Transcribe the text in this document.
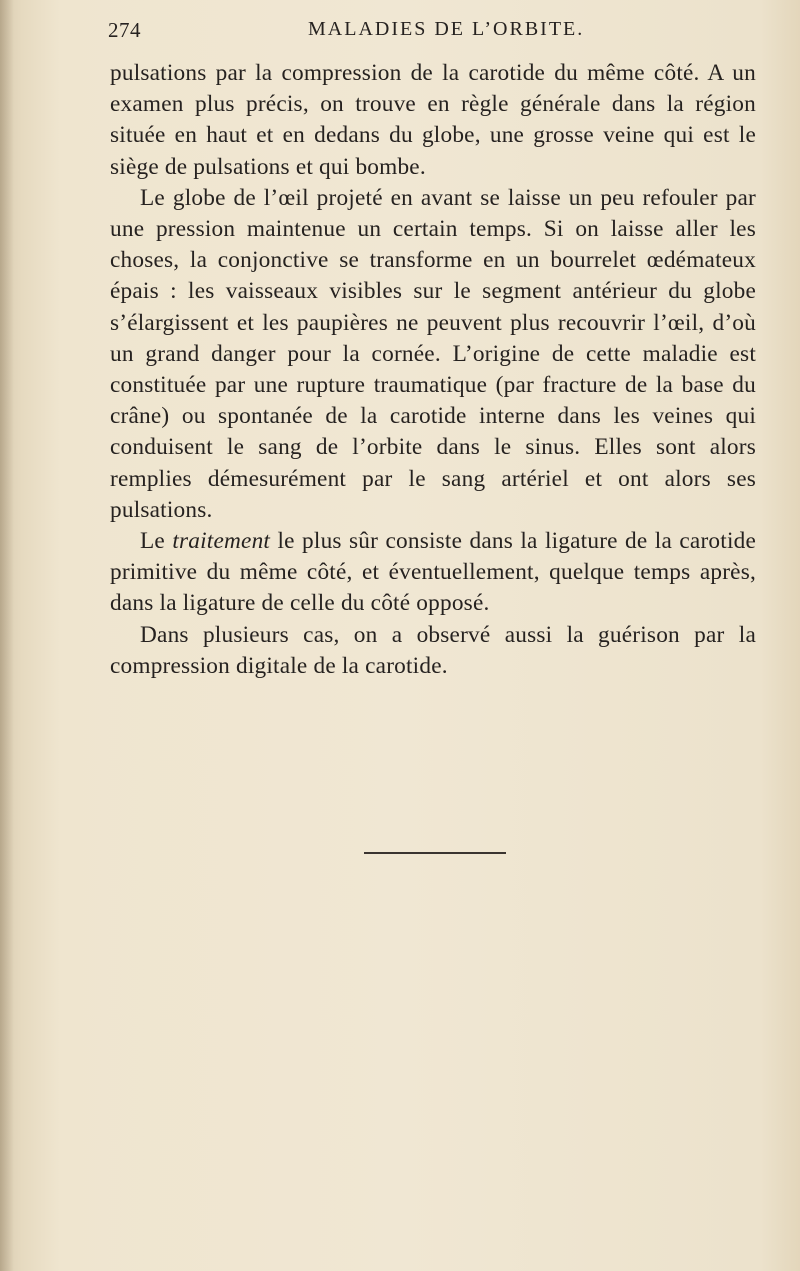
274	MALADIES DE L’ORBITE.

pulsations par la compression de la carotide du même côté. A un examen plus précis, on trouve en règle générale dans la région située en haut et en dedans du globe, une grosse veine qui est le siège de pulsations et qui bombe.

Le globe de l’œil projeté en avant se laisse un peu refouler par une pression maintenue un certain temps. Si on laisse aller les choses, la conjonctive se transforme en un bourrelet œdémateux épais : les vaisseaux visibles sur le segment antérieur du globe s’élargissent et les paupières ne peuvent plus recouvrir l’œil, d’où un grand danger pour la cornée. L’origine de cette maladie est constituée par une rupture traumatique (par fracture de la base du crâne) ou spontanée de la carotide interne dans les veines qui conduisent le sang de l’orbite dans le sinus. Elles sont alors remplies démesurément par le sang artériel et ont alors ses pulsations.

Le traitement le plus sûr consiste dans la ligature de la carotide primitive du même côté, et éventuellement, quelque temps après, dans la ligature de celle du côté opposé.

Dans plusieurs cas, on a observé aussi la guérison par la compression digitale de la carotide.
